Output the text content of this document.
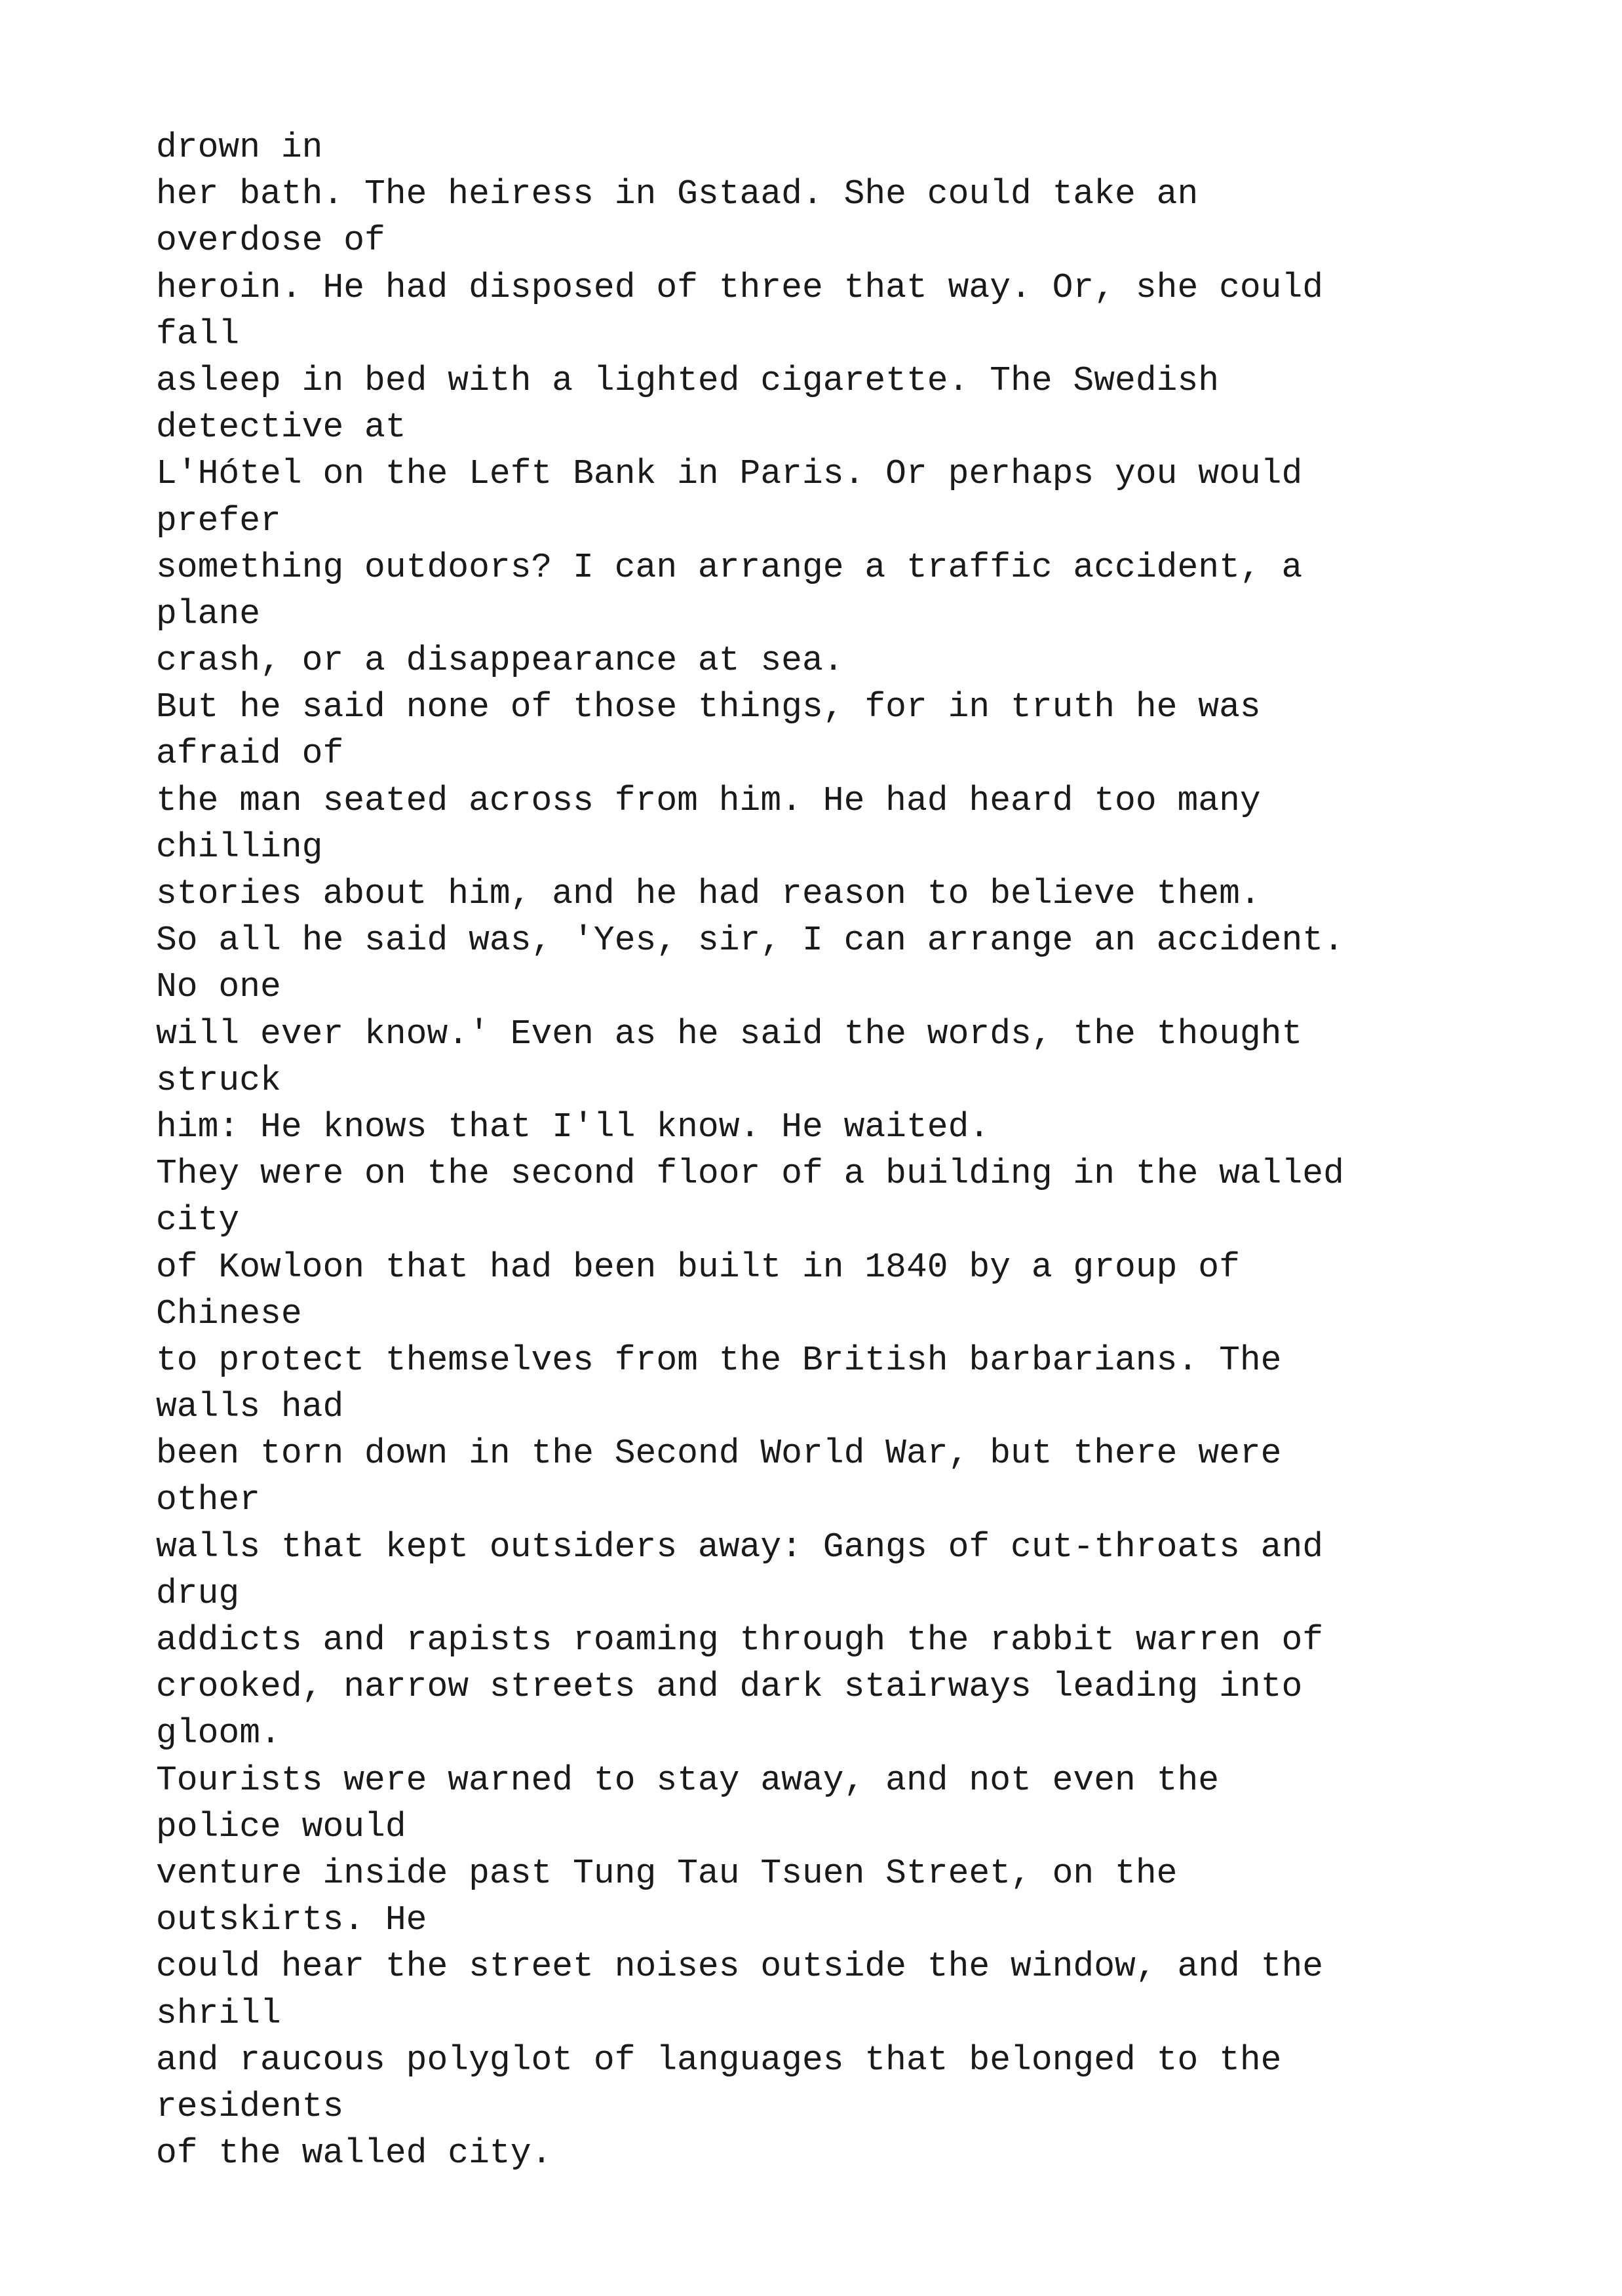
drown in
her bath. The heiress in Gstaad. She could take an
overdose of
heroin. He had disposed of three that way. Or, she could
fall
asleep in bed with a lighted cigarette. The Swedish
detective at
L'Hótel on the Left Bank in Paris. Or perhaps you would
prefer
something outdoors? I can arrange a traffic accident, a
plane
crash, or a disappearance at sea.
But he said none of those things, for in truth he was
afraid of
the man seated across from him. He had heard too many
chilling
stories about him, and he had reason to believe them.
So all he said was, 'Yes, sir, I can arrange an accident.
No one
will ever know.' Even as he said the words, the thought
struck
him: He knows that I'll know. He waited.
They were on the second floor of a building in the walled
city
of Kowloon that had been built in 1840 by a group of
Chinese
to protect themselves from the British barbarians. The
walls had
been torn down in the Second World War, but there were
other
walls that kept outsiders away: Gangs of cut-throats and
drug
addicts and rapists roaming through the rabbit warren of
crooked, narrow streets and dark stairways leading into
gloom.
Tourists were warned to stay away, and not even the
police would
venture inside past Tung Tau Tsuen Street, on the
outskirts. He
could hear the street noises outside the window, and the
shrill
and raucous polyglot of languages that belonged to the
residents
of the walled city.
